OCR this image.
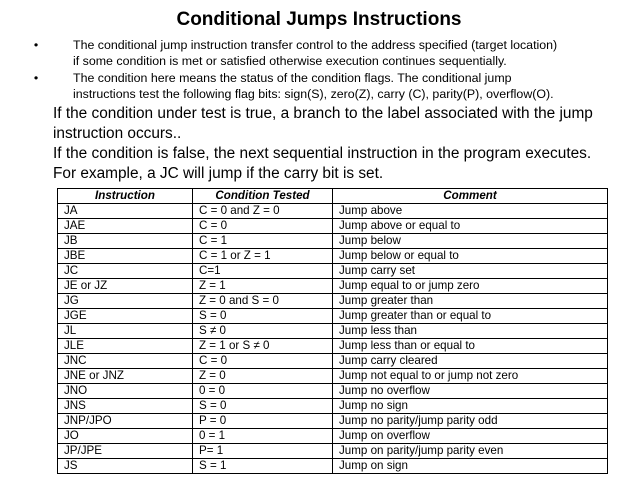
Conditional Jumps Instructions
•	The conditional jump instruction transfer control to the address specified (target location)
if some condition is met or satisfied otherwise execution continues sequentially.
•	The condition here means the status of the condition flags. The conditional jump
instructions test the following flag bits: sign(S), zero(Z), carry (C), parity(P), overflow(O).
If the condition under test is true, a branch to the label associated with the jump
instruction occurs..
If the condition is false, the next sequential instruction in the program executes.
For example, a JC will jump if the carry bit is set.
Instruction	Condition Tested	Comment
JA	C = 0 and Z = 0	Jump above
JAE	C = 0	Jump above or equal to
JB	C = 1	Jump below
JBE	C = 1 or Z = 1	Jump below or equal to
JC	C=1	Jump carry set
JE or JZ	Z = 1	Jump equal to or jump zero
JG	Z = 0 and S = 0	Jump greater than
JGE	S = 0	Jump greater than or equal to
JL	S ≠ 0	Jump less than
JLE	Z = 1 or S ≠ 0	Jump less than or equal to
JNC	C = 0	Jump carry cleared
JNE or JNZ	Z = 0	Jump not equal to or jump not zero
JNO	0 = 0	Jump no overflow
JNS	S = 0	Jump no sign
JNP/JPO	P = 0	Jump no parity/jump parity odd
JO	0 = 1	Jump on overflow
JP/JPE	P= 1	Jump on parity/jump parity even
JS	S = 1	Jump on sign
